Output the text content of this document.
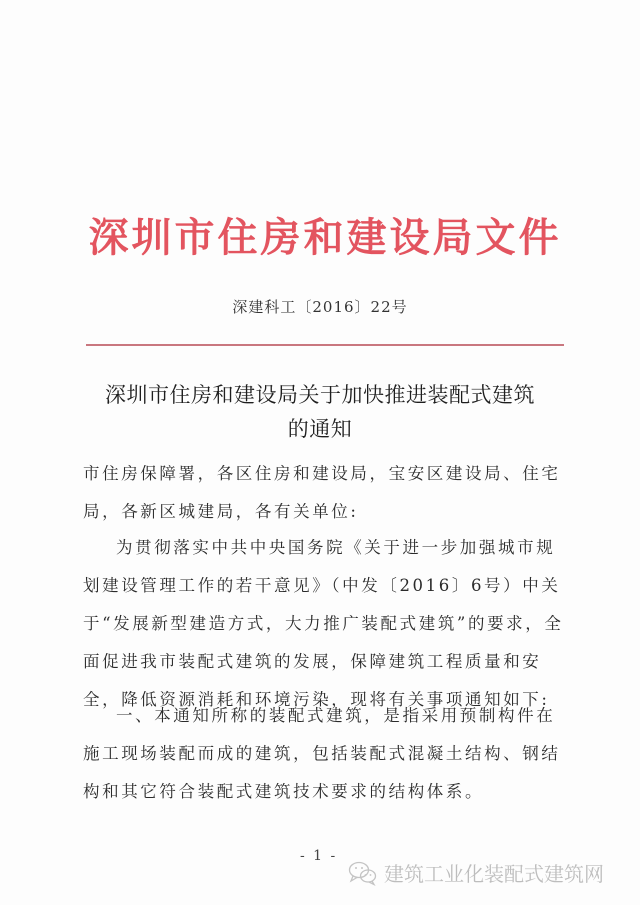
深圳市住房和建设局文件
深建科工〔2016〕22号
深圳市住房和建设局关于加快推进装配式建筑
的通知

市住房保障署，各区住房和建设局，宝安区建设局、住宅局，各新区城建局，各有关单位:

为贯彻落实中共中央国务院《关于进一步加强城市规划建设管理工作的若干意见》（中发〔2016〕6号）中关于“发展新型建造方式，大力推广装配式建筑”的要求，全面促进我市装配式建筑的发展，保障建筑工程质量和安全，降低资源消耗和环境污染，现将有关事项通知如下:

一、本通知所称的装配式建筑，是指采用预制构件在施工现场装配而成的建筑，包括装配式混凝土结构、钢结构和其它符合装配式建筑技术要求的结构体系。

- 1 -
建筑工业化装配式建筑网
